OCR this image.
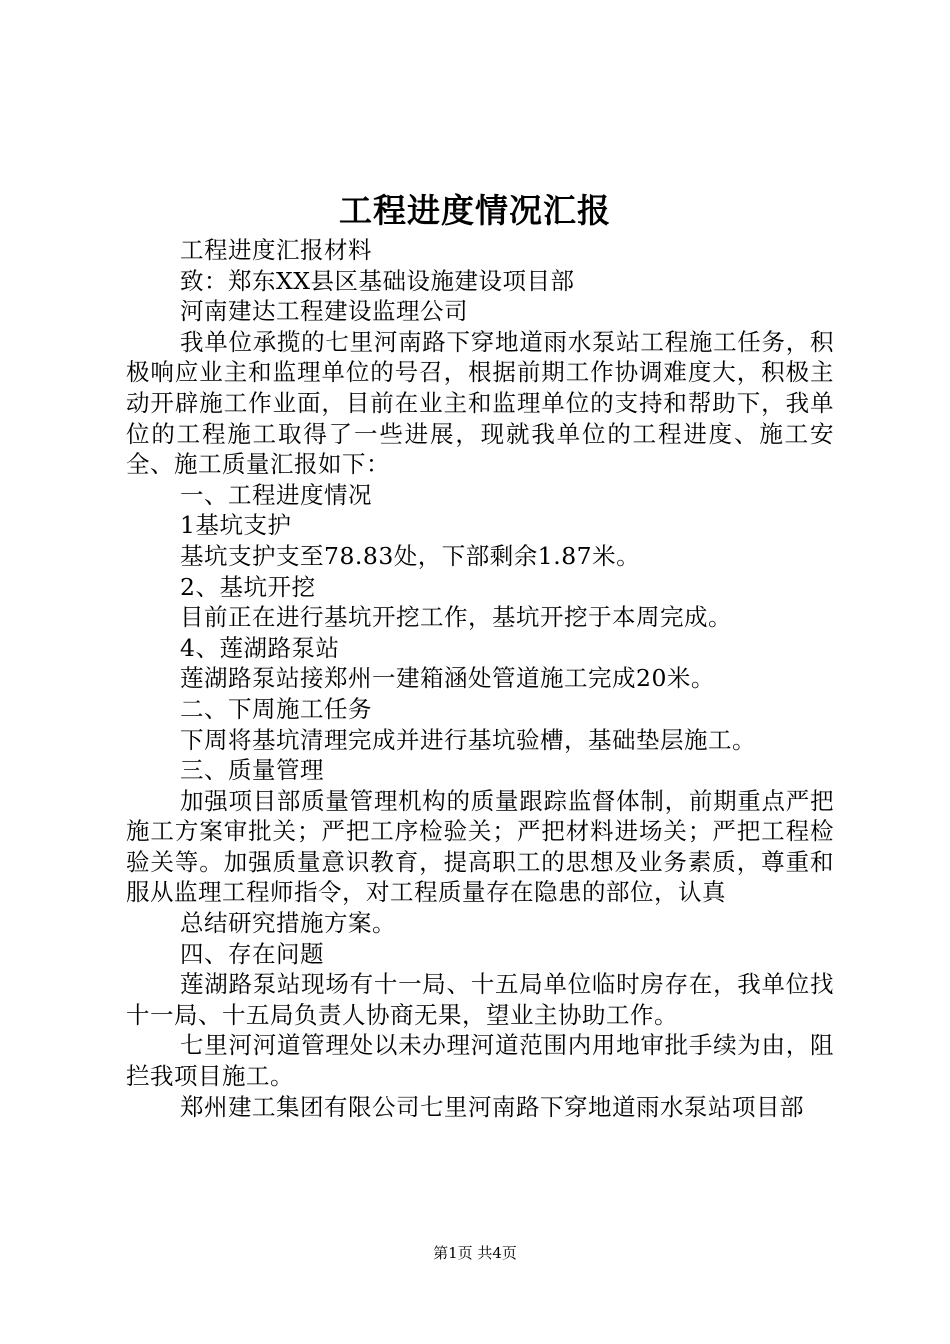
工程进度情况汇报

工程进度汇报材料

致：郑东XX县区基础设施建设项目部

河南建达工程建设监理公司

我单位承揽的七里河南路下穿地道雨水泵站工程施工任务，积极响应业主和监理单位的号召，根据前期工作协调难度大，积极主动开辟施工作业面，目前在业主和监理单位的支持和帮助下，我单位的工程施工取得了一些进展，现就我单位的工程进度、施工安全、施工质量汇报如下：

一、工程进度情况

1基坑支护

基坑支护支至78.83处，下部剩余1.87米。

2、基坑开挖

目前正在进行基坑开挖工作，基坑开挖于本周完成。

4、莲湖路泵站

莲湖路泵站接郑州一建箱涵处管道施工完成20米。

二、下周施工任务

下周将基坑清理完成并进行基坑验槽，基础垫层施工。

三、质量管理

加强项目部质量管理机构的质量跟踪监督体制，前期重点严把施工方案审批关；严把工序检验关；严把材料进场关；严把工程检验关等。加强质量意识教育，提高职工的思想及业务素质，尊重和服从监理工程师指令，对工程质量存在隐患的部位，认真

总结研究措施方案。

四、存在问题

莲湖路泵站现场有十一局、十五局单位临时房存在，我单位找十一局、十五局负责人协商无果，望业主协助工作。

七里河河道管理处以未办理河道范围内用地审批手续为由，阻拦我项目施工。

郑州建工集团有限公司七里河南路下穿地道雨水泵站项目部

第1页 共4页
